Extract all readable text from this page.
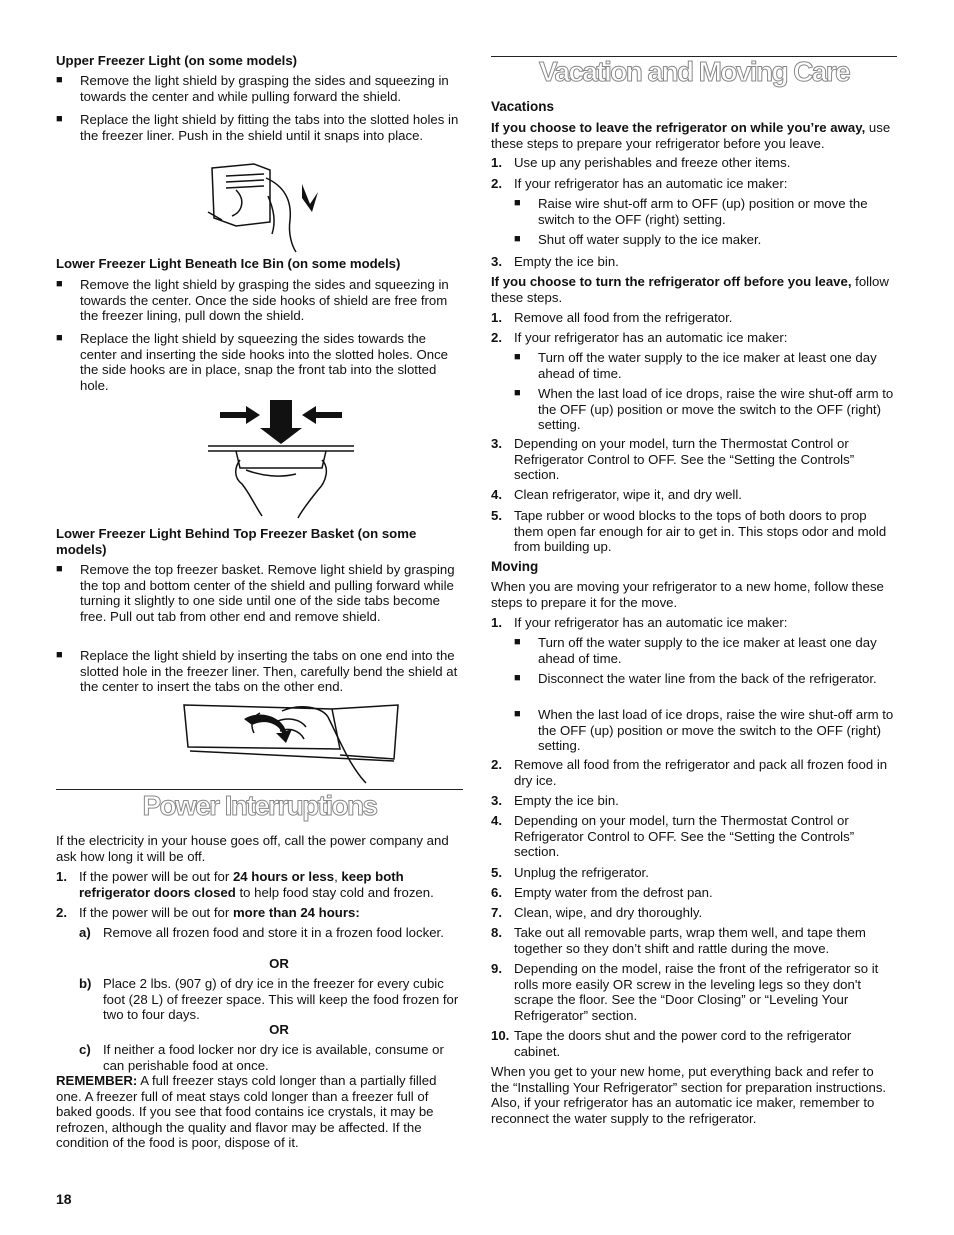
Upper Freezer Light (on some models)

■ Remove the light shield by grasping the sides and squeezing in towards the center and while pulling forward the shield.
■ Replace the light shield by fitting the tabs into the slotted holes in the freezer liner. Push in the shield until it snaps into place.

Lower Freezer Light Beneath Ice Bin (on some models)

■ Remove the light shield by grasping the sides and squeezing in towards the center. Once the side hooks of shield are free from the freezer lining, pull down the shield.
■ Replace the light shield by squeezing the sides towards the center and inserting the side hooks into the slotted holes. Once the side hooks are in place, snap the front tab into the slotted hole.

Lower Freezer Light Behind Top Freezer Basket (on some models)

■ Remove the top freezer basket. Remove light shield by grasping the top and bottom center of the shield and pulling forward while turning it slightly to one side until one of the side tabs become free. Pull out tab from other end and remove shield.
■ Replace the light shield by inserting the tabs on one end into the slotted hole in the freezer liner. Then, carefully bend the shield at the center to insert the tabs on the other end.

Power Interruptions

If the electricity in your house goes off, call the power company and ask how long it will be off.

1. If the power will be out for 24 hours or less, keep both refrigerator doors closed to help food stay cold and frozen.
2. If the power will be out for more than 24 hours:
a) Remove all frozen food and store it in a frozen food locker.
OR
b) Place 2 lbs. (907 g) of dry ice in the freezer for every cubic foot (28 L) of freezer space. This will keep the food frozen for two to four days.
OR
c) If neither a food locker nor dry ice is available, consume or can perishable food at once.

REMEMBER: A full freezer stays cold longer than a partially filled one. A freezer full of meat stays cold longer than a freezer full of baked goods. If you see that food contains ice crystals, it may be refrozen, although the quality and flavor may be affected. If the condition of the food is poor, dispose of it.

Vacation and Moving Care

Vacations

If you choose to leave the refrigerator on while you’re away, use these steps to prepare your refrigerator before you leave.

1. Use up any perishables and freeze other items.
2. If your refrigerator has an automatic ice maker:
■ Raise wire shut-off arm to OFF (up) position or move the switch to the OFF (right) setting.
■ Shut off water supply to the ice maker.
3. Empty the ice bin.

If you choose to turn the refrigerator off before you leave, follow these steps.

1. Remove all food from the refrigerator.
2. If your refrigerator has an automatic ice maker:
■ Turn off the water supply to the ice maker at least one day ahead of time.
■ When the last load of ice drops, raise the wire shut-off arm to the OFF (up) position or move the switch to the OFF (right) setting.
3. Depending on your model, turn the Thermostat Control or Refrigerator Control to OFF. See the “Setting the Controls” section.
4. Clean refrigerator, wipe it, and dry well.
5. Tape rubber or wood blocks to the tops of both doors to prop them open far enough for air to get in. This stops odor and mold from building up.

Moving

When you are moving your refrigerator to a new home, follow these steps to prepare it for the move.

1. If your refrigerator has an automatic ice maker:
■ Turn off the water supply to the ice maker at least one day ahead of time.
■ Disconnect the water line from the back of the refrigerator.
■ When the last load of ice drops, raise the wire shut-off arm to the OFF (up) position or move the switch to the OFF (right) setting.
2. Remove all food from the refrigerator and pack all frozen food in dry ice.
3. Empty the ice bin.
4. Depending on your model, turn the Thermostat Control or Refrigerator Control to OFF. See the “Setting the Controls” section.
5. Unplug the refrigerator.
6. Empty water from the defrost pan.
7. Clean, wipe, and dry thoroughly.
8. Take out all removable parts, wrap them well, and tape them together so they don’t shift and rattle during the move.
9. Depending on the model, raise the front of the refrigerator so it rolls more easily OR screw in the leveling legs so they don't scrape the floor. See the “Door Closing” or “Leveling Your Refrigerator” section.
10. Tape the doors shut and the power cord to the refrigerator cabinet.

When you get to your new home, put everything back and refer to the “Installing Your Refrigerator” section for preparation instructions. Also, if your refrigerator has an automatic ice maker, remember to reconnect the water supply to the refrigerator.

18
